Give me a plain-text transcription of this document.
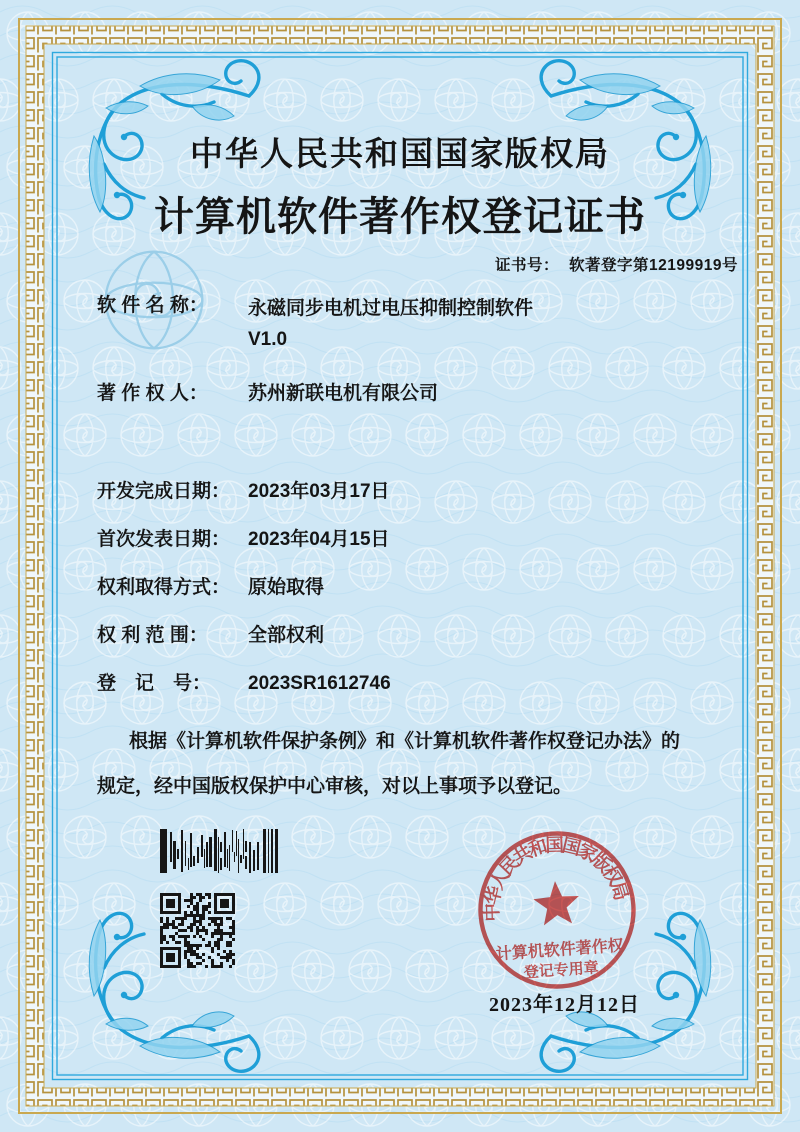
中华人民共和国国家版权局
计算机软件著作权登记证书
证书号： 软著登字第12199919号
软 件 名 称：	永磁同步电机过电压抑制控制软件
V1.0
著 作 权 人：	苏州新联电机有限公司
开发完成日期： 2023年03月17日
首次发表日期： 2023年04月15日
权利取得方式： 原始取得
权 利 范 围：	全部权利
登　记　号：	2023SR1612746
根据《计算机软件保护条例》和《计算机软件著作权登记办法》的
规定，经中国版权保护中心审核，对以上事项予以登记。
中华人民共和国国家版权局
计算机软件著作权
登记专用章
2023年12月12日
